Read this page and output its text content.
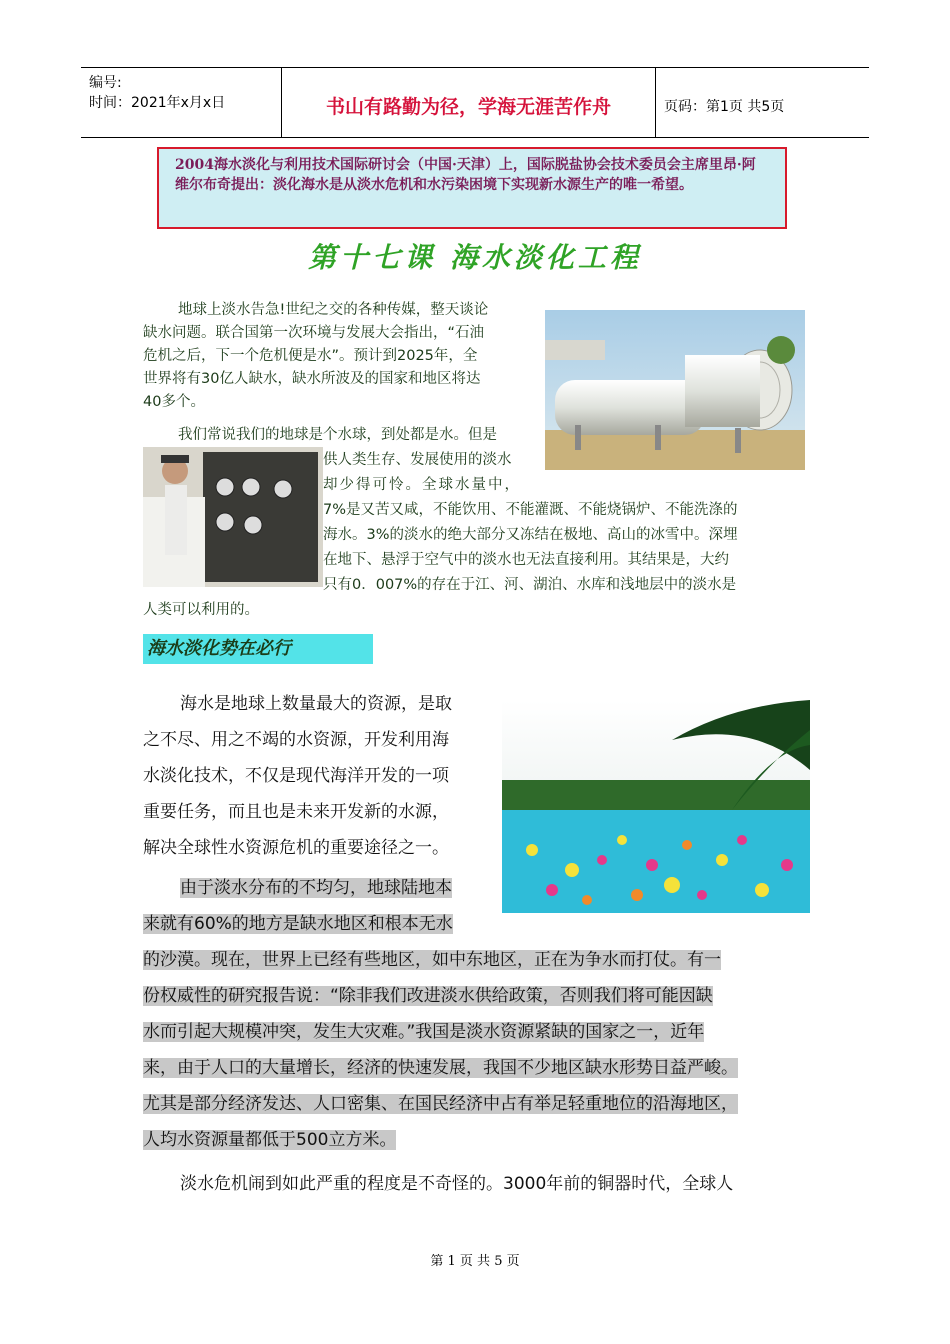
编号:
时间：2021年x月x日	书山有路勤为径，学海无涯苦作舟	页码：第1页 共5页
2004海水淡化与利用技术国际研讨会（中国·天津）上，国际脱盐协会技术委员会主席里昂·阿维尔布奇提出：淡化海水是从淡水危机和水污染困境下实现新水源生产的唯一希望。
第十七课 海水淡化工程
地球上淡水告急!世纪之交的各种传媒，整天谈论
缺水问题。联合国第一次环境与发展大会指出，“石油
危机之后，下一个危机便是水”。预计到2025年，全
世界将有30亿人缺水，缺水所波及的国家和地区将达
40多个。
我们常说我们的地球是个水球，到处都是水。但是
供人类生存、发展使用的淡水
却少得可怜。全球水量中，
7%是又苦又咸，不能饮用、不能灌溉、不能烧锅炉、不能洗涤的
海水。3%的淡水的绝大部分又冻结在极地、高山的冰雪中。深埋
在地下、悬浮于空气中的淡水也无法直接利用。其结果是，大约
只有0．007%的存在于江、河、湖泊、水库和浅地层中的淡水是
人类可以利用的。
海水淡化势在必行
海水是地球上数量最大的资源，是取
之不尽、用之不竭的水资源，开发利用海
水淡化技术，不仅是现代海洋开发的一项
重要任务，而且也是未来开发新的水源，
解决全球性水资源危机的重要途径之一。
由于淡水分布的不均匀，地球陆地本
来就有60%的地方是缺水地区和根本无水
的沙漠。现在，世界上已经有些地区，如中东地区，正在为争水而打仗。有一
份权威性的研究报告说：“除非我们改进淡水供给政策，否则我们将可能因缺
水而引起大规模冲突，发生大灾难。”我国是淡水资源紧缺的国家之一，近年
来，由于人口的大量增长，经济的快速发展，我国不少地区缺水形势日益严峻。
尤其是部分经济发达、人口密集、在国民经济中占有举足轻重地位的沿海地区，
人均水资源量都低于500立方米。
淡水危机闹到如此严重的程度是不奇怪的。3000年前的铜器时代，全球人
第 1 页 共 5 页
